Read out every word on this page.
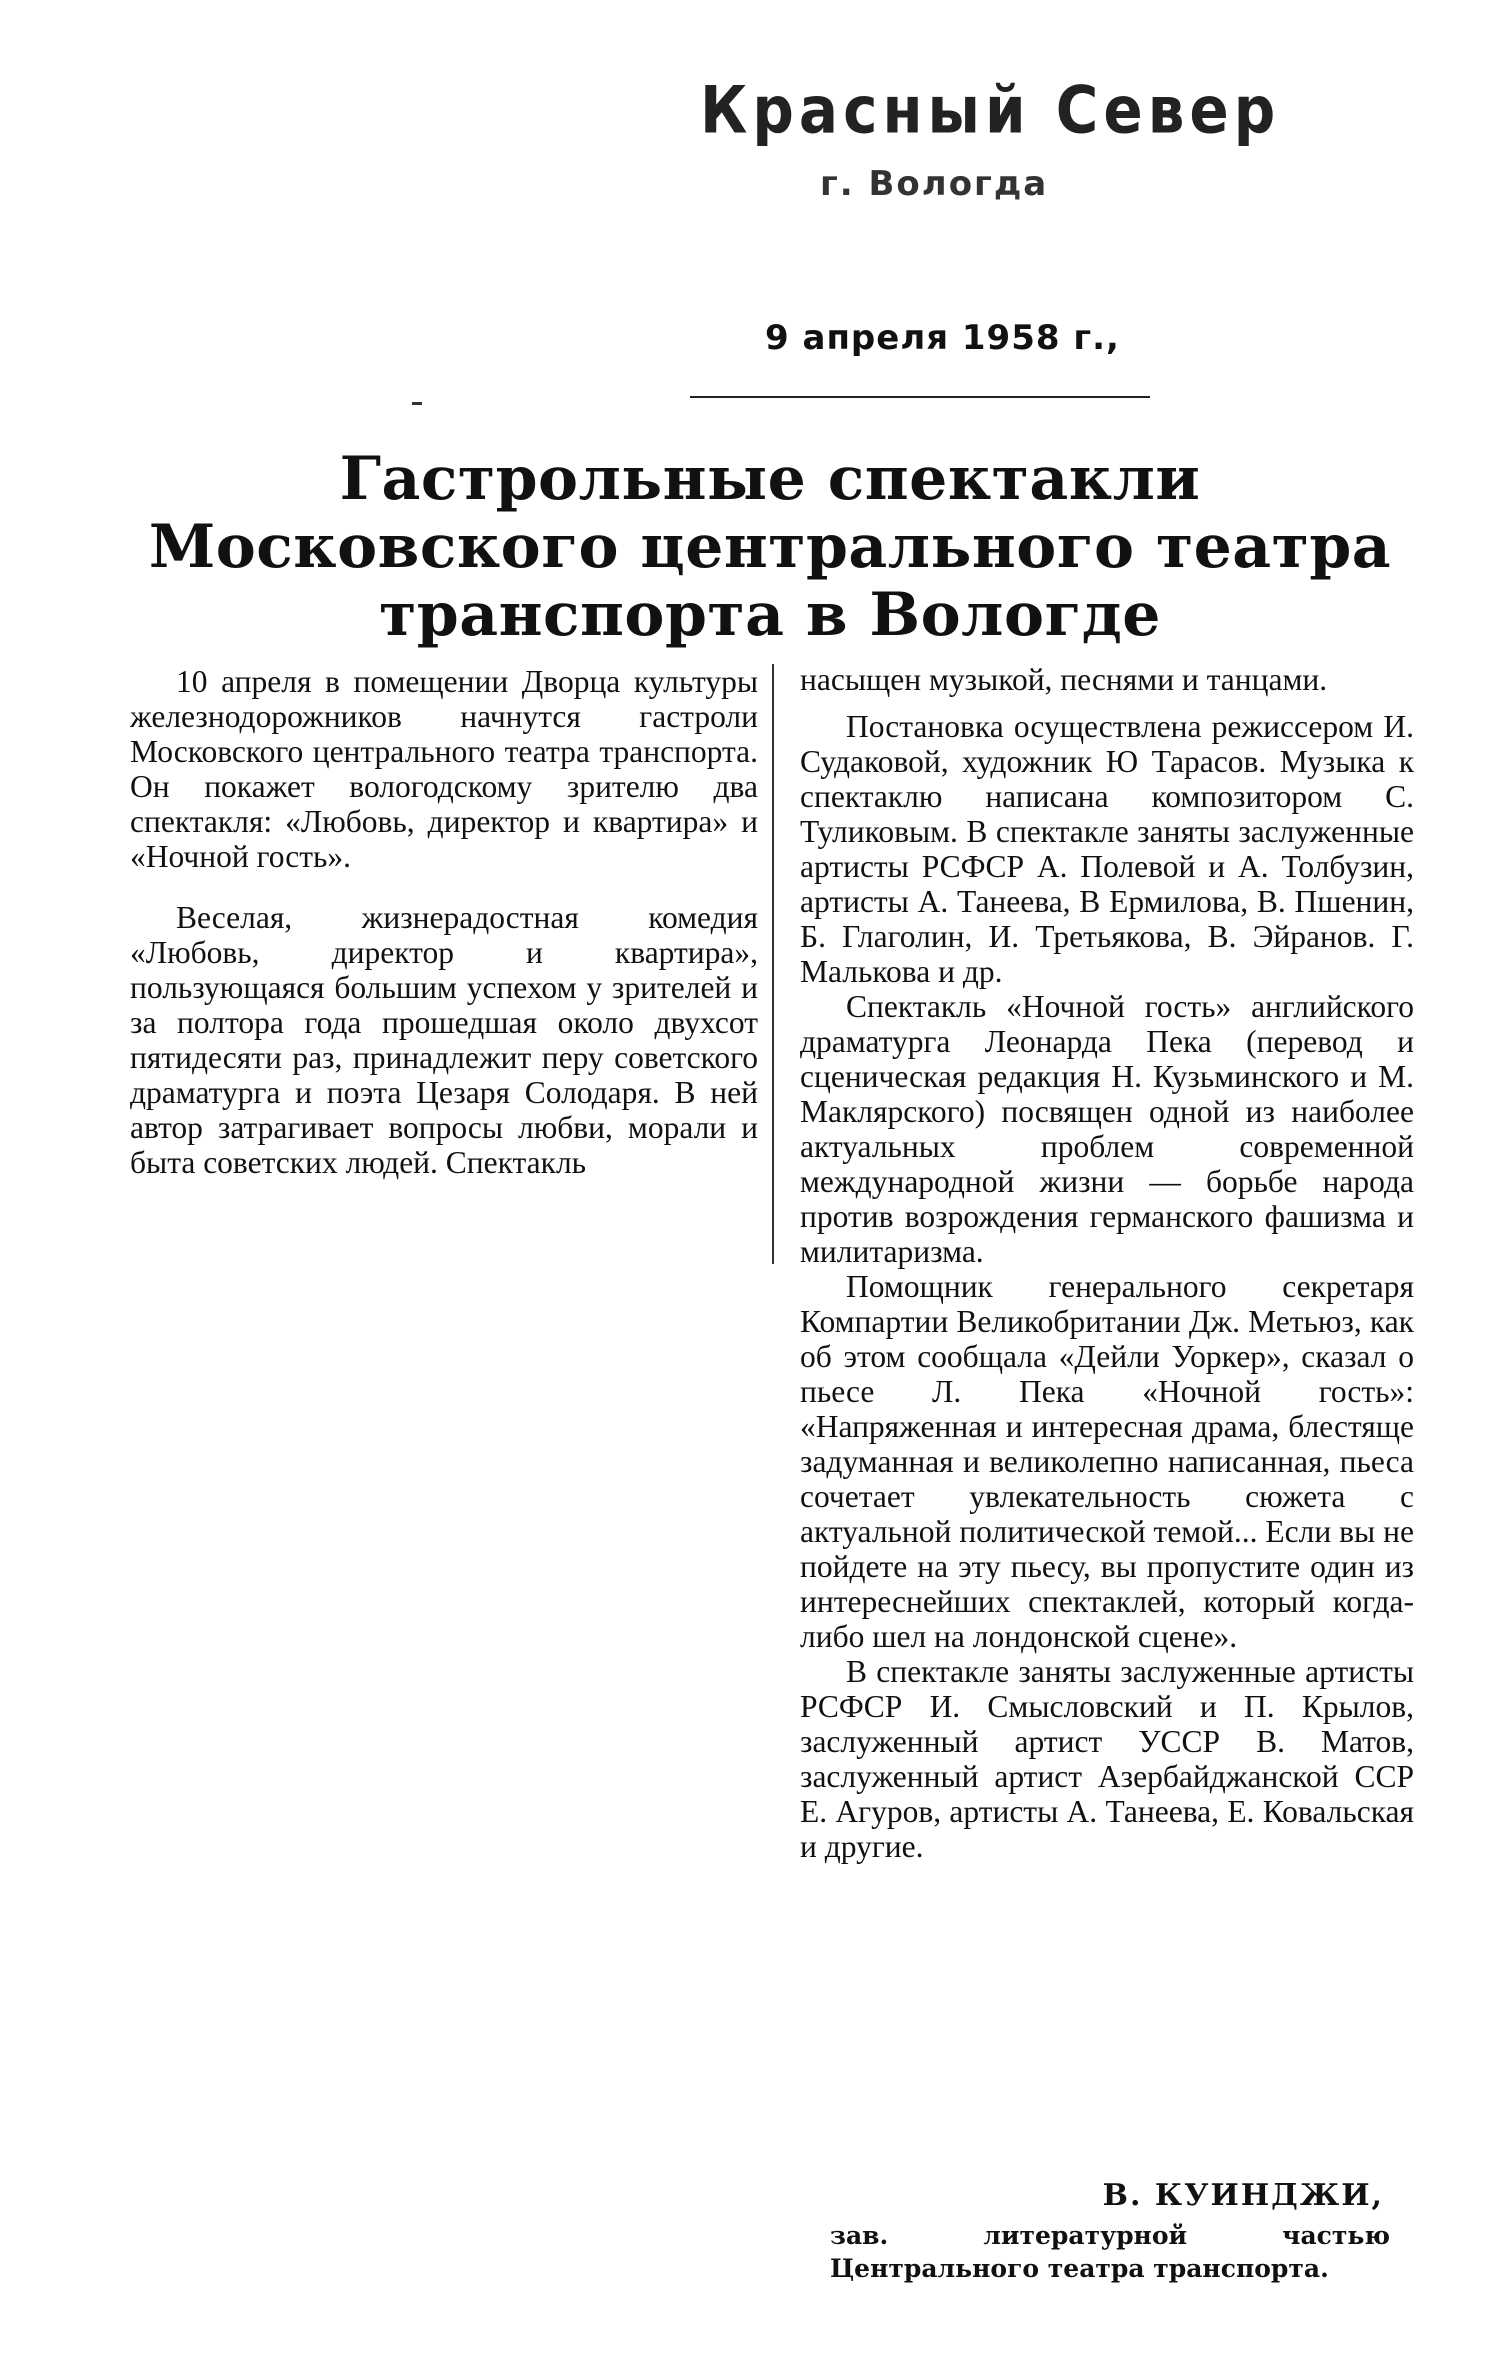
Красный Север
г. Вологда
9 апреля 1958 г.,
Гастрольные спектакли Московского центрального театра транспорта в Вологде

10 апреля в помещении Дворца культуры железнодорожников начнутся гастроли Московского центрального театра транспорта. Он покажет вологодскому зрителю два спектакля: «Любовь, директор и квартира» и «Ночной гость».

Веселая, жизнерадостная комедия «Любовь, директор и квартира», пользующаяся большим успехом у зрителей и за полтора года прошедшая около двухсот пятидесяти раз, принадлежит перу советского драматурга и поэта Цезаря Солодаря. В ней автор затрагивает вопросы любви, морали и быта советских людей. Спектакль

насыщен музыкой, песнями и танцами.

Постановка осуществлена режиссером И. Судаковой, художник Ю Тарасов. Музыка к спектаклю написана композитором С. Туликовым. В спектакле заняты заслуженные артисты РСФСР А. Полевой и А. Толбузин, артисты А. Танеева, В Ермилова, В. Пшенин, Б. Глаголин, И. Третьякова, В. Эйранов. Г. Малькова и др.

Спектакль «Ночной гость» английского драматурга Леонарда Пека (перевод и сценическая редакция Н. Кузьминского и М. Маклярского) посвящен одной из наиболее актуальных проблем современной международной жизни — борьбе народа против возрождения германского фашизма и милитаризма.

Помощник генерального секретаря Компартии Великобритании Дж. Метьюз, как об этом сообщала «Дейли Уоркер», сказал о пьесе Л. Пека «Ночной гость»: «Напряженная и интересная драма, блестяще задуманная и великолепно написанная, пьеса сочетает увлекательность сюжета с актуальной политической темой... Если вы не пойдете на эту пьесу, вы пропустите один из интереснейших спектаклей, который когда-либо шел на лондонской сцене».

В спектакле заняты заслуженные артисты РСФСР И. Смысловский и П. Крылов, заслуженный артист УССР В. Матов, заслуженный артист Азербайджанской ССР Е. Агуров, артисты А. Танеева, Е. Ковальская и другие.

В. КУИНДЖИ,
зав. литературной частью Центрального театра транспорта.
